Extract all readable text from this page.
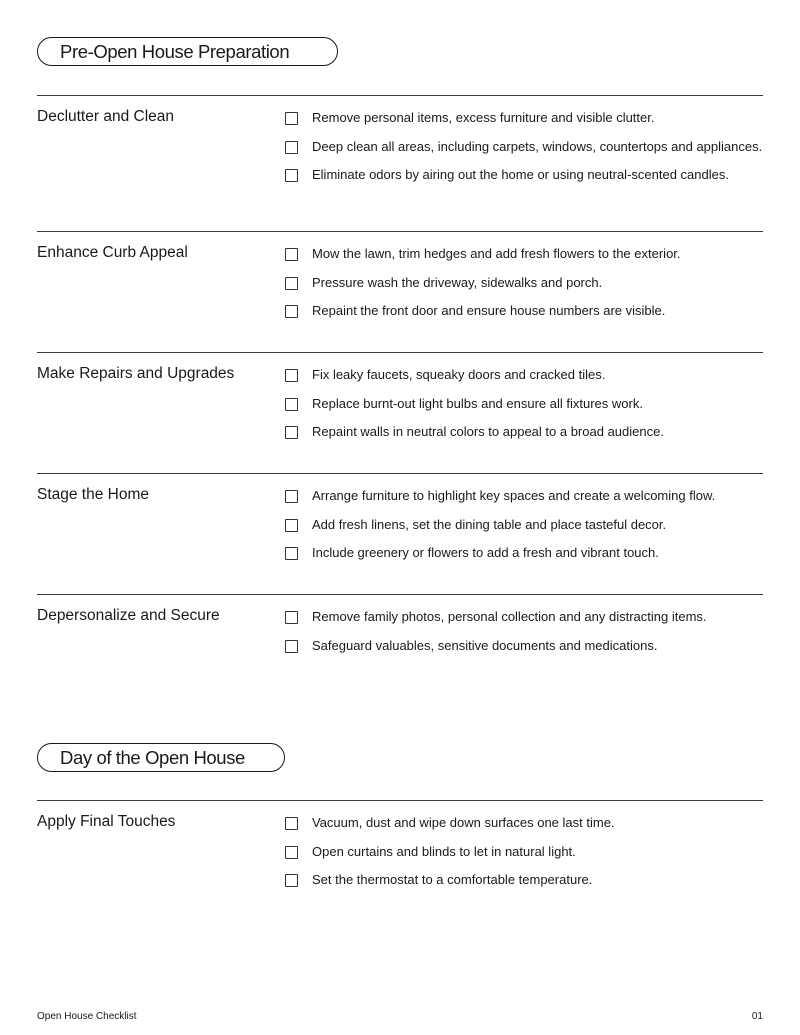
Pre-Open House Preparation
Declutter and Clean	Remove personal items, excess furniture and visible clutter.
Deep clean all areas, including carpets, windows, countertops and appliances.
Eliminate odors by airing out the home or using neutral-scented candles.
Enhance Curb Appeal	Mow the lawn, trim hedges and add fresh flowers to the exterior.
Pressure wash the driveway, sidewalks and porch.
Repaint the front door and ensure house numbers are visible.
Make Repairs and Upgrades	Fix leaky faucets, squeaky doors and cracked tiles.
Replace burnt-out light bulbs and ensure all fixtures work.
Repaint walls in neutral colors to appeal to a broad audience.
Stage the Home	Arrange furniture to highlight key spaces and create a welcoming flow.
Add fresh linens, set the dining table and place tasteful decor.
Include greenery or flowers to add a fresh and vibrant touch.
Depersonalize and Secure	Remove family photos, personal collection and any distracting items.
Safeguard valuables, sensitive documents and medications.
Day of the Open House
Apply Final Touches	Vacuum, dust and wipe down surfaces one last time.
Open curtains and blinds to let in natural light.
Set the thermostat to a comfortable temperature.
Open House Checklist	01
